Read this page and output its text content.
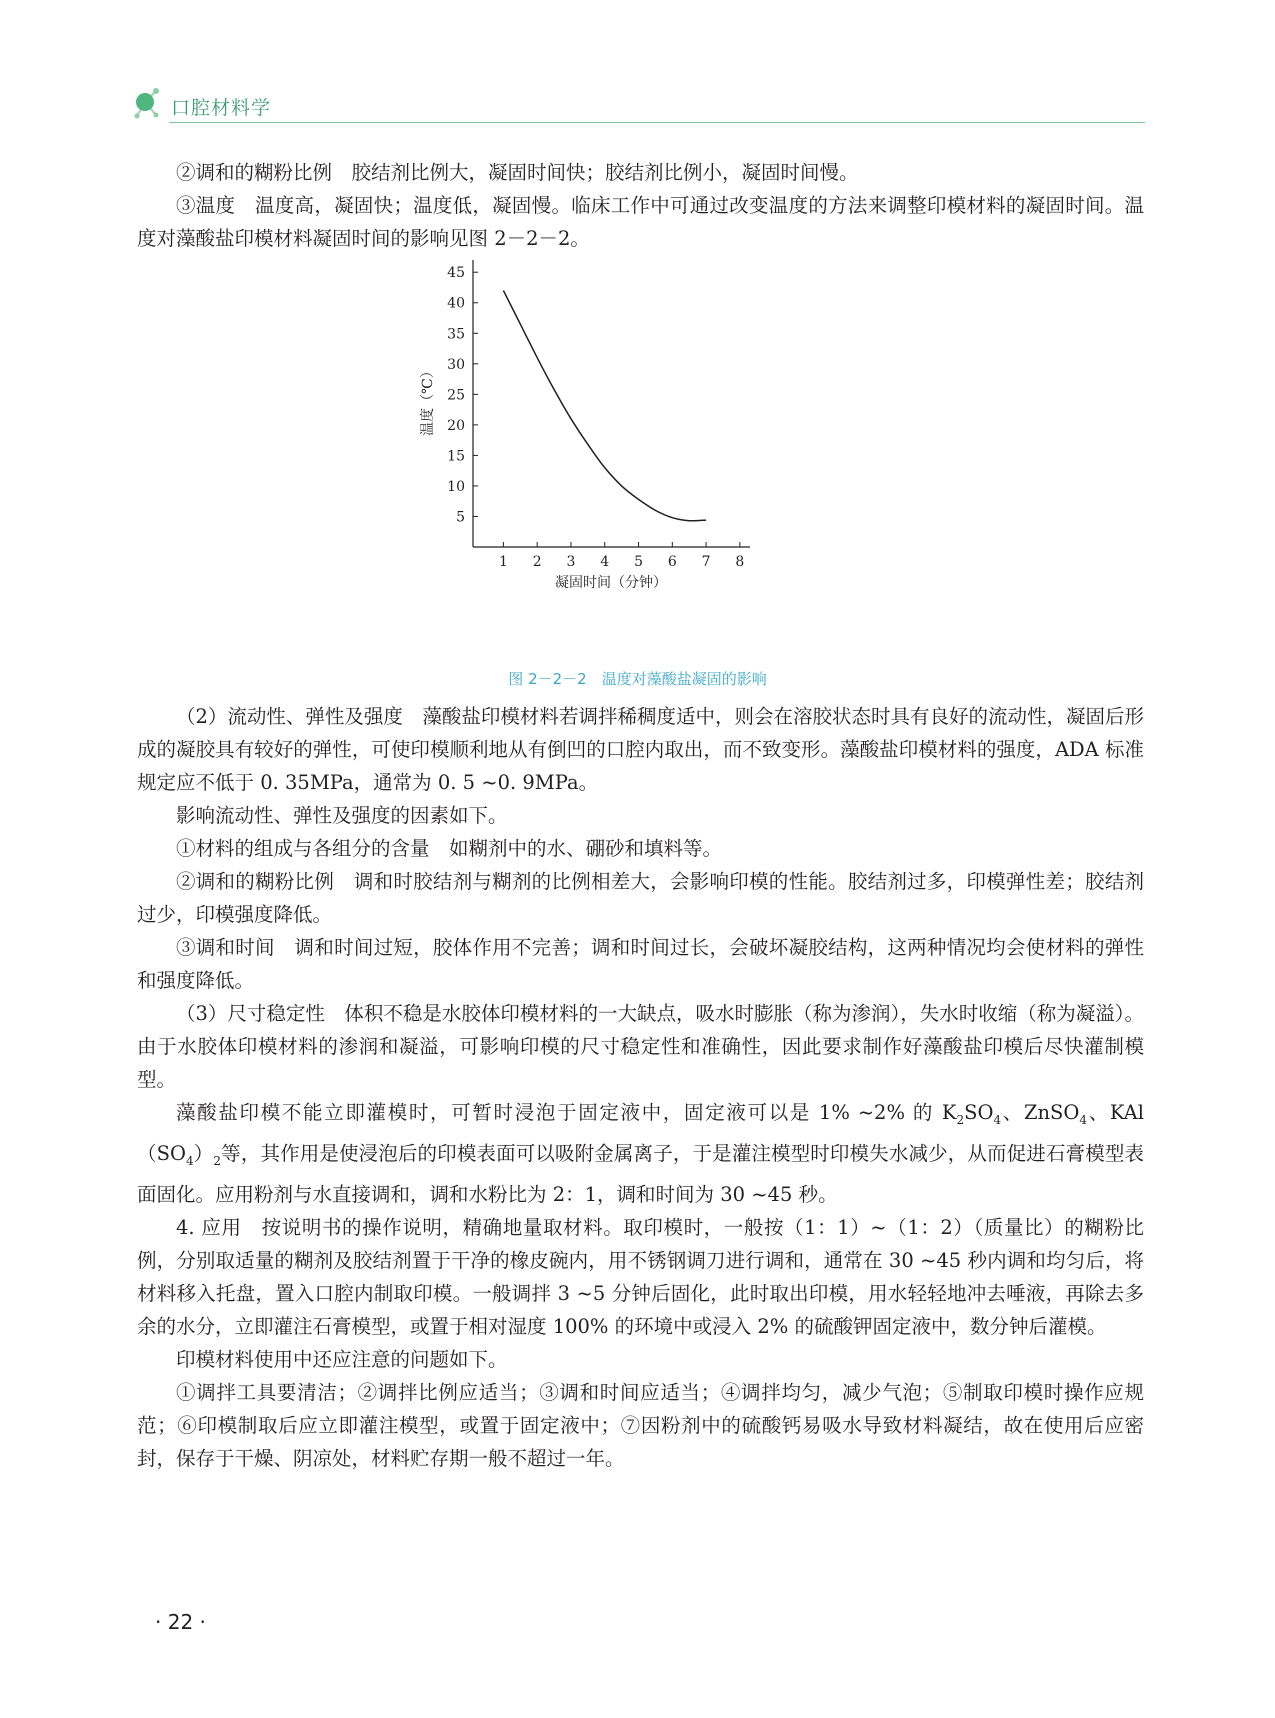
口腔材料学

②调和的糊粉比例　胶结剂比例大，凝固时间快；胶结剂比例小，凝固时间慢。

③温度　温度高，凝固快；温度低，凝固慢。临床工作中可通过改变温度的方法来调整印模材料的凝固时间。温度对藻酸盐印模材料凝固时间的影响见图 2－2－2。

5
10
15
20
25
30
35
40
45
1 2 3 4 5 6 7 8
凝固时间（分钟）
温度（℃）
图 2－2－2　温度对藻酸盐凝固的影响

（2）流动性、弹性及强度　藻酸盐印模材料若调拌稀稠度适中，则会在溶胶状态时具有良好的流动性，凝固后形成的凝胶具有较好的弹性，可使印模顺利地从有倒凹的口腔内取出，而不致变形。藻酸盐印模材料的强度，ADA 标准规定应不低于 0. 35MPa，通常为 0. 5 ~0. 9MPa。

影响流动性、弹性及强度的因素如下。

①材料的组成与各组分的含量　如糊剂中的水、硼砂和填料等。

②调和的糊粉比例　调和时胶结剂与糊剂的比例相差大，会影响印模的性能。胶结剂过多，印模弹性差；胶结剂过少，印模强度降低。

③调和时间　调和时间过短，胶体作用不完善；调和时间过长，会破坏凝胶结构，这两种情况均会使材料的弹性和强度降低。

（3）尺寸稳定性　体积不稳是水胶体印模材料的一大缺点，吸水时膨胀（称为渗润），失水时收缩（称为凝溢）。由于水胶体印模材料的渗润和凝溢，可影响印模的尺寸稳定性和准确性，因此要求制作好藻酸盐印模后尽快灌制模型。

藻酸盐印模不能立即灌模时，可暂时浸泡于固定液中，固定液可以是 1% ~2% 的 $K_2SO_4$、ZnSO$_4$、$KAl(SO_4)_2$等，其作用是使浸泡后的印模表面可以吸附金属离子，于是灌注模型时印模失水减少，从而促进石膏模型表面固化。应用粉剂与水直接调和，调和水粉比为 2：1，调和时间为 30 ~45 秒。

4. 应用　按说明书的操作说明，精确地量取材料。取印模时，一般按（1：1）~（1：2）（质量比）的糊粉比例，分别取适量的糊剂及胶结剂置于干净的橡皮碗内，用不锈钢调刀进行调和，通常在 30 ~45 秒内调和均匀后，将材料移入托盘，置入口腔内制取印模。一般调拌 3 ~5 分钟后固化，此时取出印模，用水轻轻地冲去唾液，再除去多余的水分，立即灌注石膏模型，或置于相对湿度 100% 的环境中或浸入 2% 的硫酸钾固定液中，数分钟后灌模。

印模材料使用中还应注意的问题如下。

①调拌工具要清洁；②调拌比例应适当；③调和时间应适当；④调拌均匀，减少气泡；⑤制取印模时操作应规范；⑥印模制取后应立即灌注模型，或置于固定液中；⑦因粉剂中的硫酸钙易吸水导致材料凝结，故在使用后应密封，保存于干燥、阴凉处，材料贮存期一般不超过一年。

· 22 ·
